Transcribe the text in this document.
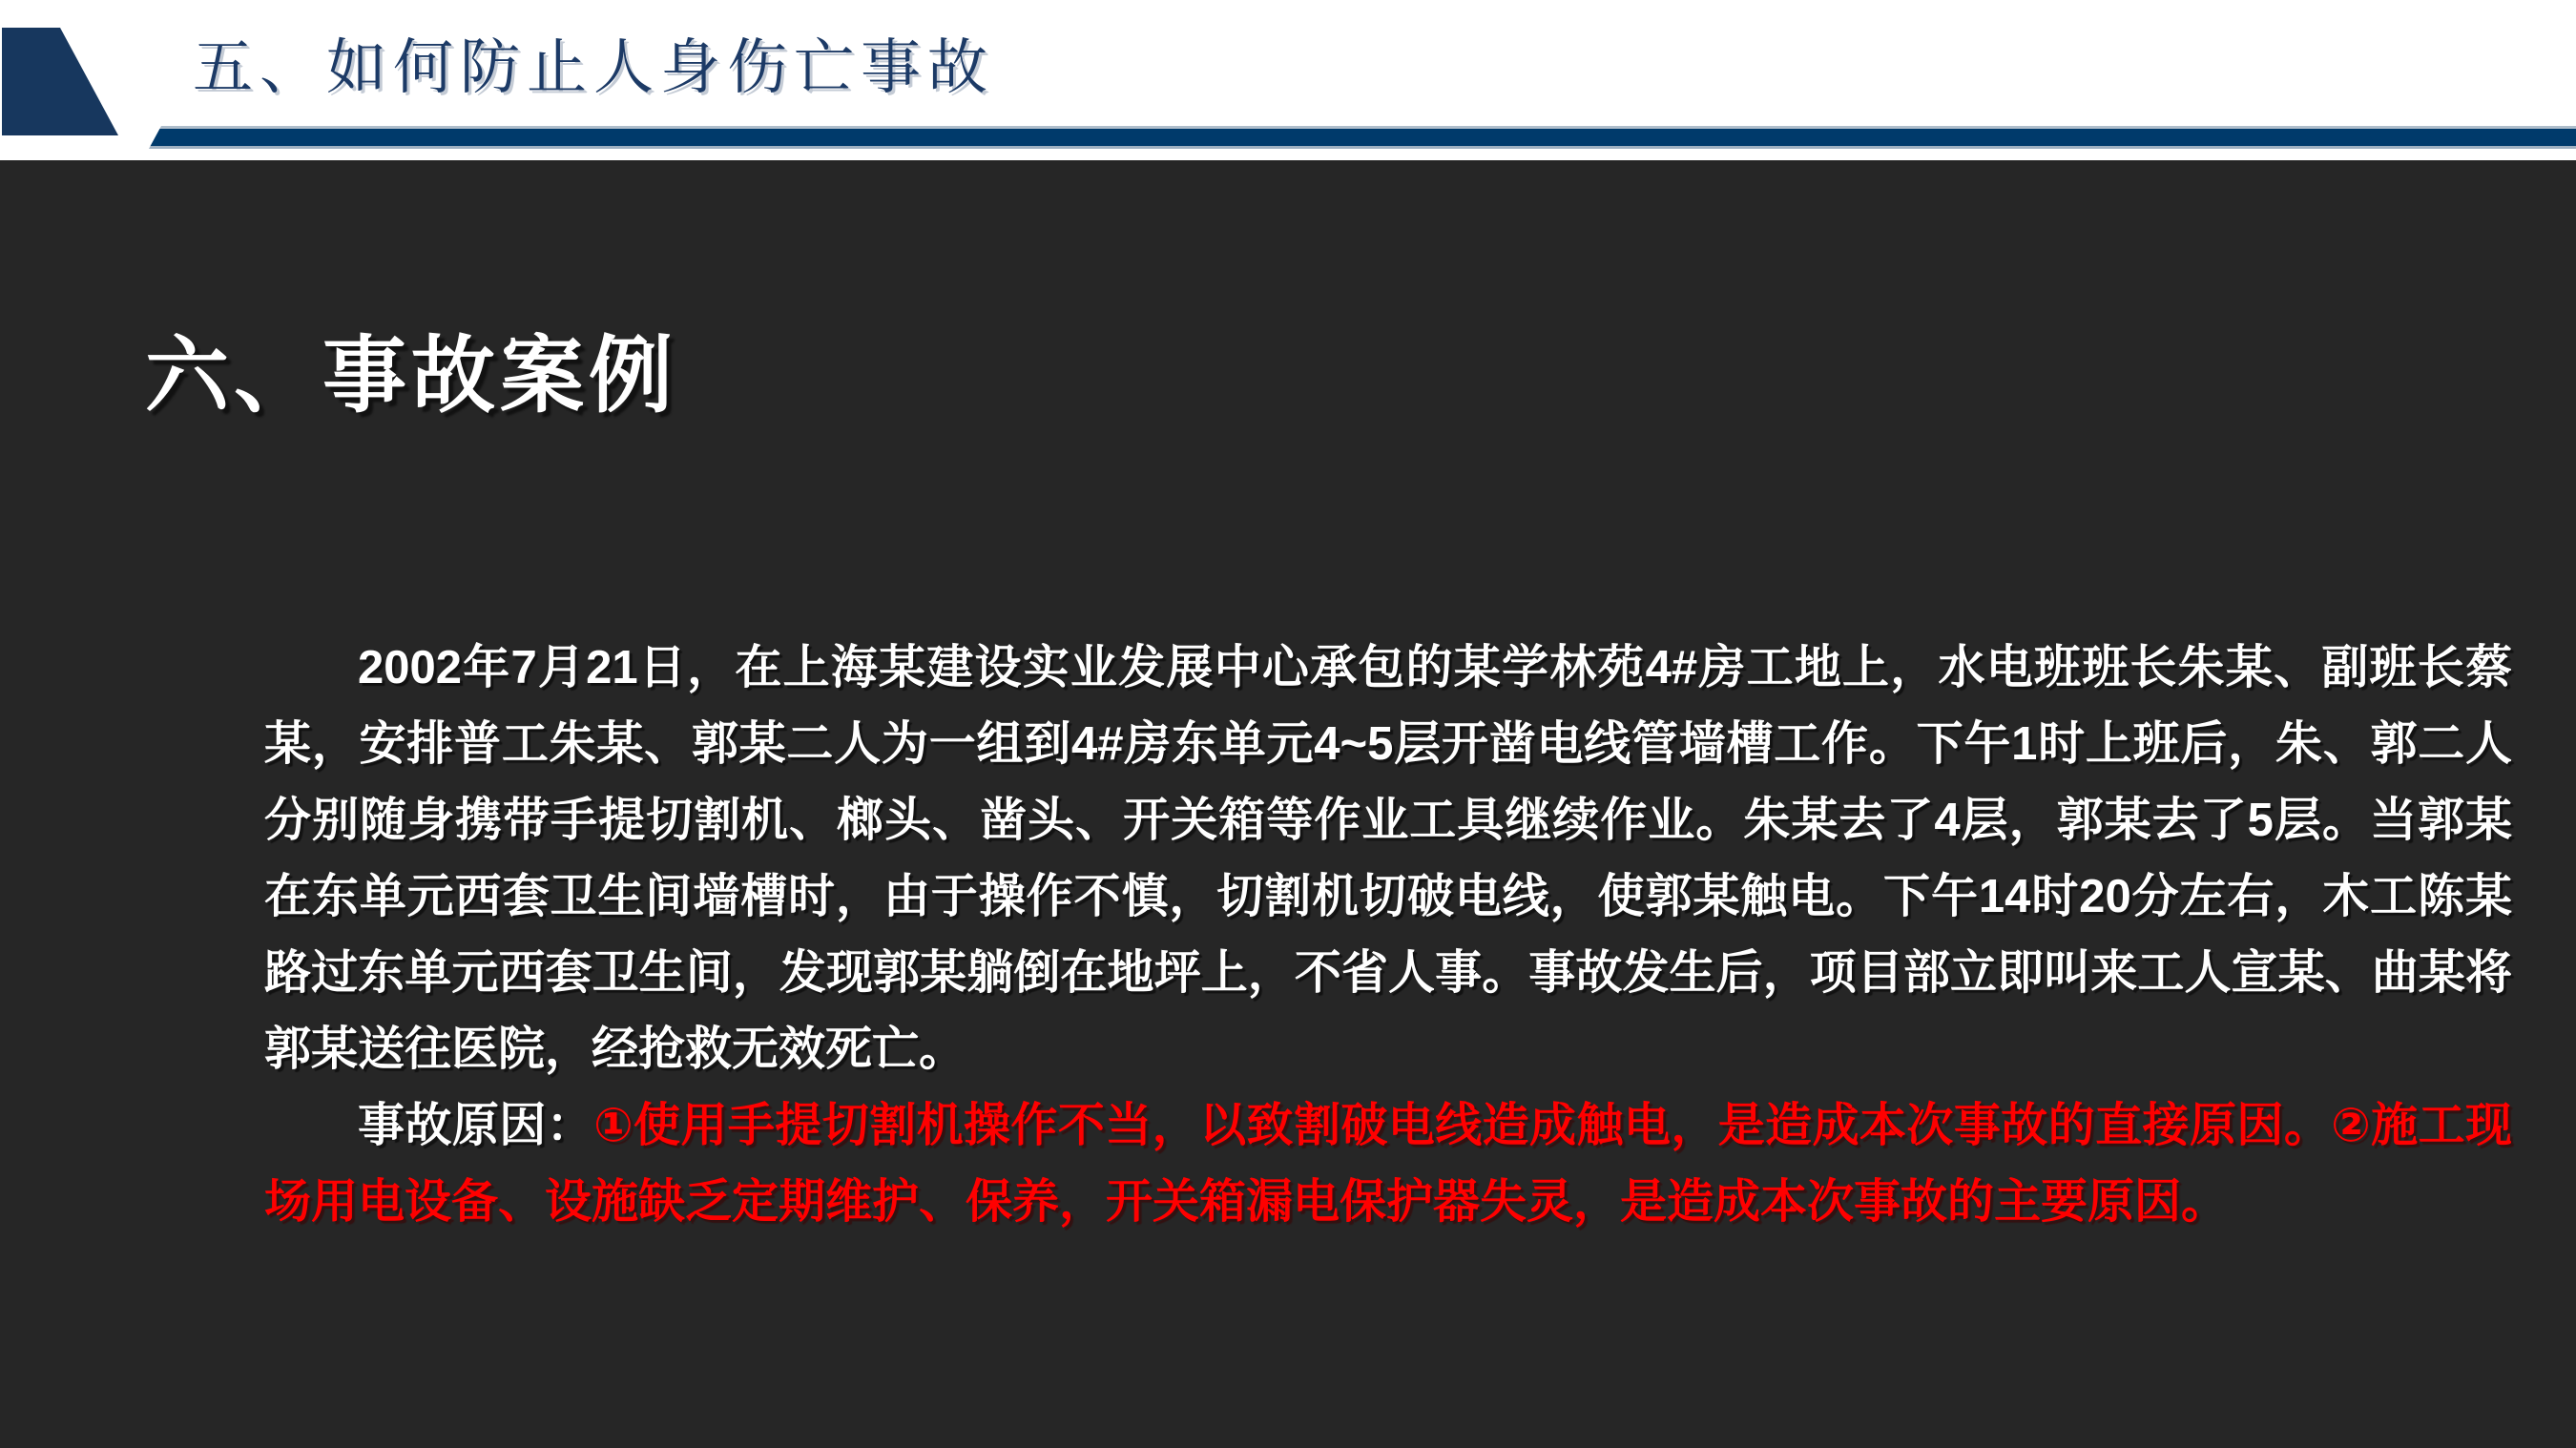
五、如何防止人身伤亡事故
六、事故案例

2002年7月21日，在上海某建设实业发展中心承包的某学林苑4#房工地上，水电班班长朱某、副班长蔡某，安排普工朱某、郭某二人为一组到4#房东单元4~5层开凿电线管墙槽工作。下午1时上班后，朱、郭二人分别随身携带手提切割机、榔头、凿头、开关箱等作业工具继续作业。朱某去了4层，郭某去了5层。当郭某在东单元西套卫生间墙槽时，由于操作不慎，切割机切破电线，使郭某触电。下午14时20分左右，木工陈某路过东单元西套卫生间，发现郭某躺倒在地坪上，不省人事。事故发生后，项目部立即叫来工人宣某、曲某将郭某送往医院，经抢救无效死亡。

事故原因：①使用手提切割机操作不当，以致割破电线造成触电，是造成本次事故的直接原因。②施工现场用电设备、设施缺乏定期维护、保养，开关箱漏电保护器失灵，是造成本次事故的主要原因。
